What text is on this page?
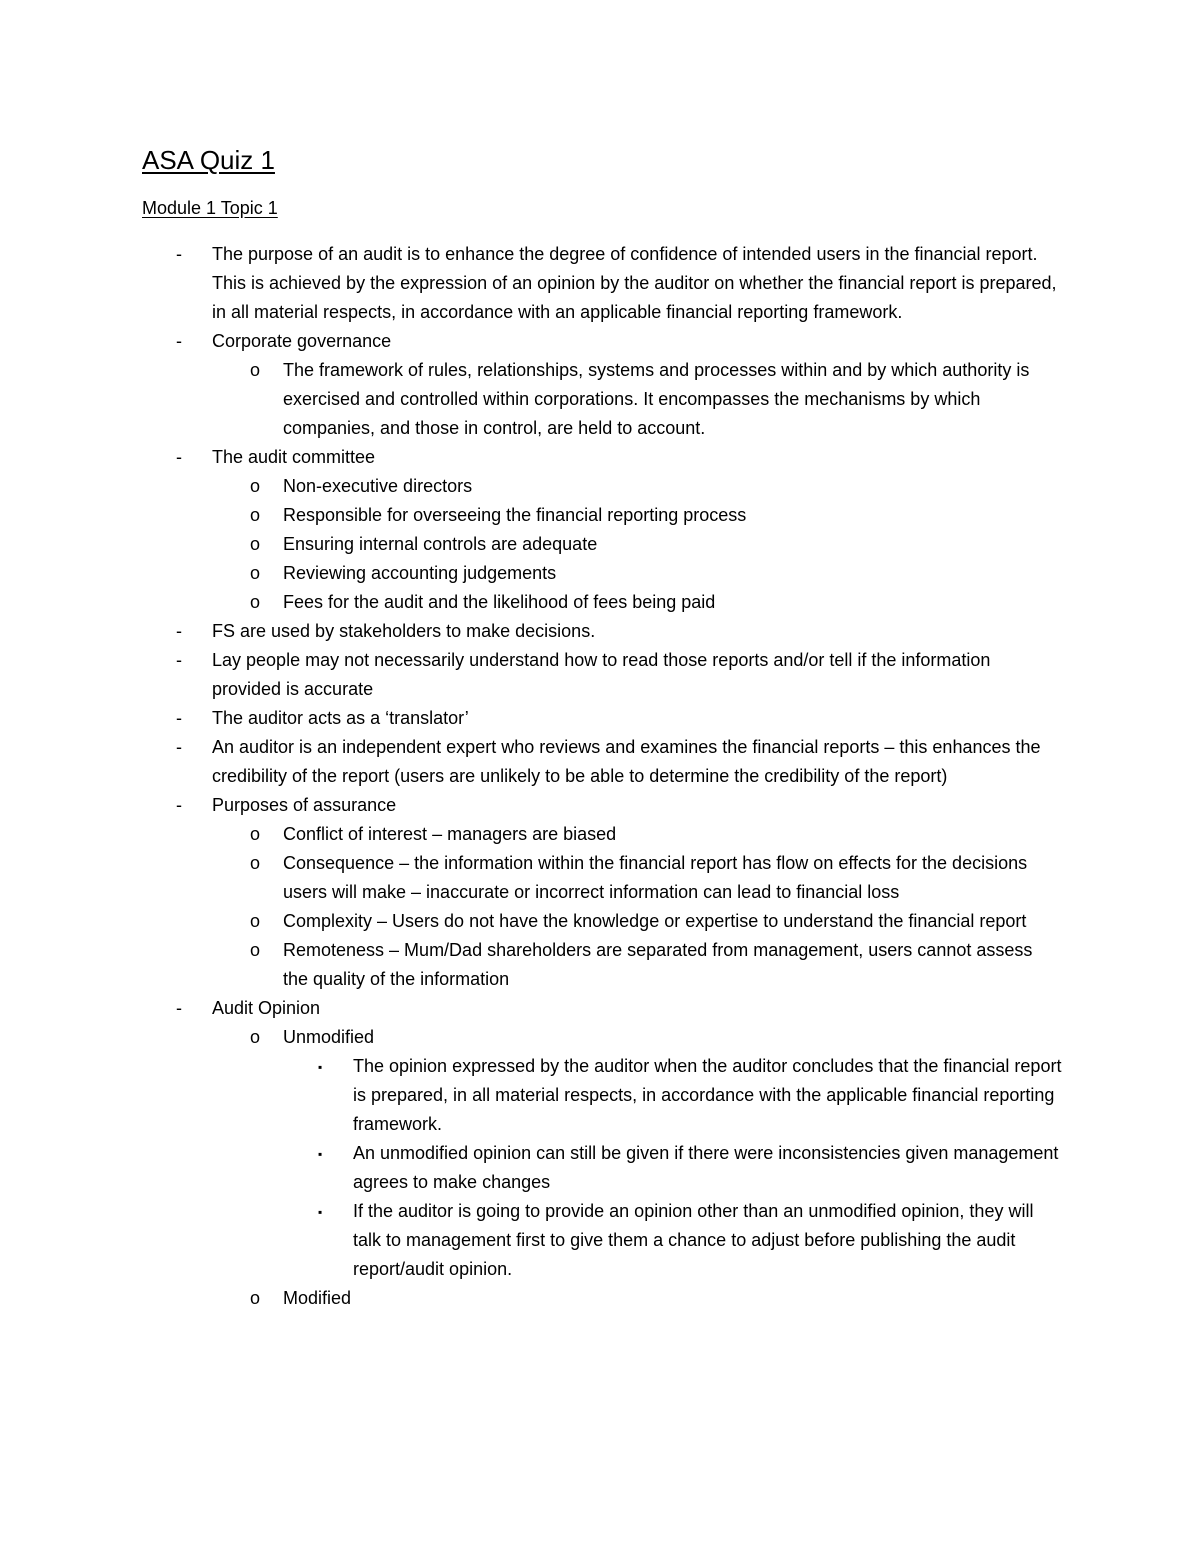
ASA Quiz 1
Module 1 Topic 1
- The purpose of an audit is to enhance the degree of confidence of intended users in the financial report. This is achieved by the expression of an opinion by the auditor on whether the financial report is prepared, in all material respects, in accordance with an applicable financial reporting framework.
- Corporate governance
o The framework of rules, relationships, systems and processes within and by which authority is exercised and controlled within corporations. It encompasses the mechanisms by which companies, and those in control, are held to account.
- The audit committee
o Non-executive directors
o Responsible for overseeing the financial reporting process
o Ensuring internal controls are adequate
o Reviewing accounting judgements
o Fees for the audit and the likelihood of fees being paid
- FS are used by stakeholders to make decisions.
- Lay people may not necessarily understand how to read those reports and/or tell if the information provided is accurate
- The auditor acts as a ‘translator’
- An auditor is an independent expert who reviews and examines the financial reports – this enhances the credibility of the report (users are unlikely to be able to determine the credibility of the report)
- Purposes of assurance
o Conflict of interest – managers are biased
o Consequence – the information within the financial report has flow on effects for the decisions users will make – inaccurate or incorrect information can lead to financial loss
o Complexity – Users do not have the knowledge or expertise to understand the financial report
o Remoteness – Mum/Dad shareholders are separated from management, users cannot assess the quality of the information
- Audit Opinion
o Unmodified
▪ The opinion expressed by the auditor when the auditor concludes that the financial report is prepared, in all material respects, in accordance with the applicable financial reporting framework.
▪ An unmodified opinion can still be given if there were inconsistencies given management agrees to make changes
▪ If the auditor is going to provide an opinion other than an unmodified opinion, they will talk to management first to give them a chance to adjust before publishing the audit report/audit opinion.
o Modified
